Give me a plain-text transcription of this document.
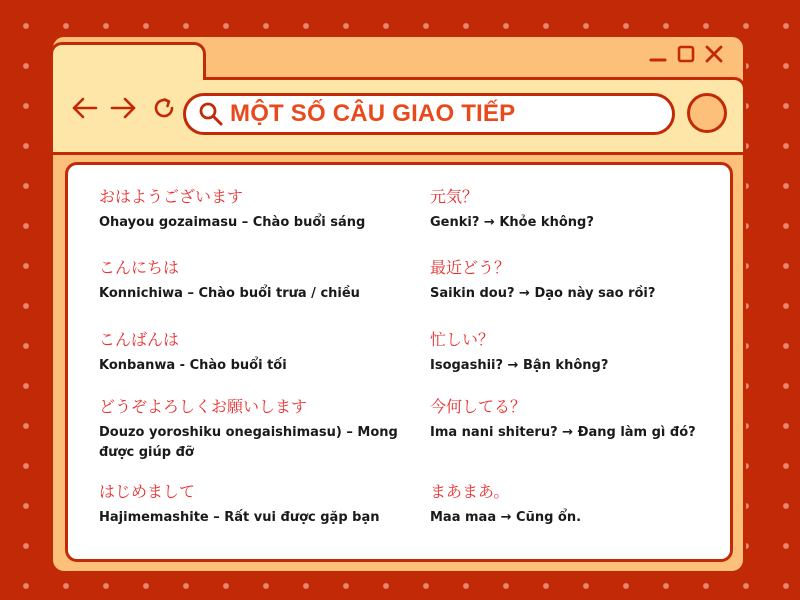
MỘT SỐ CÂU GIAO TIẾP
おはようございます
Ohayou gozaimasu – Chào buổi sáng
こんにちは
Konnichiwa – Chào buổi trưa / chiều
こんばんは
Konbanwa - Chào buổi tối
どうぞよろしくお願いします
Douzo yoroshiku onegaishimasu) – Mong được giúp đỡ
はじめまして
Hajimemashite – Rất vui được gặp bạn
元気？
Genki? → Khỏe không?
最近どう？
Saikin dou? → Dạo này sao rồi?
忙しい？
Isogashii? → Bận không?
今何してる？
Ima nani shiteru? → Đang làm gì đó?
まあまあ。
Maa maa → Cũng ổn.
